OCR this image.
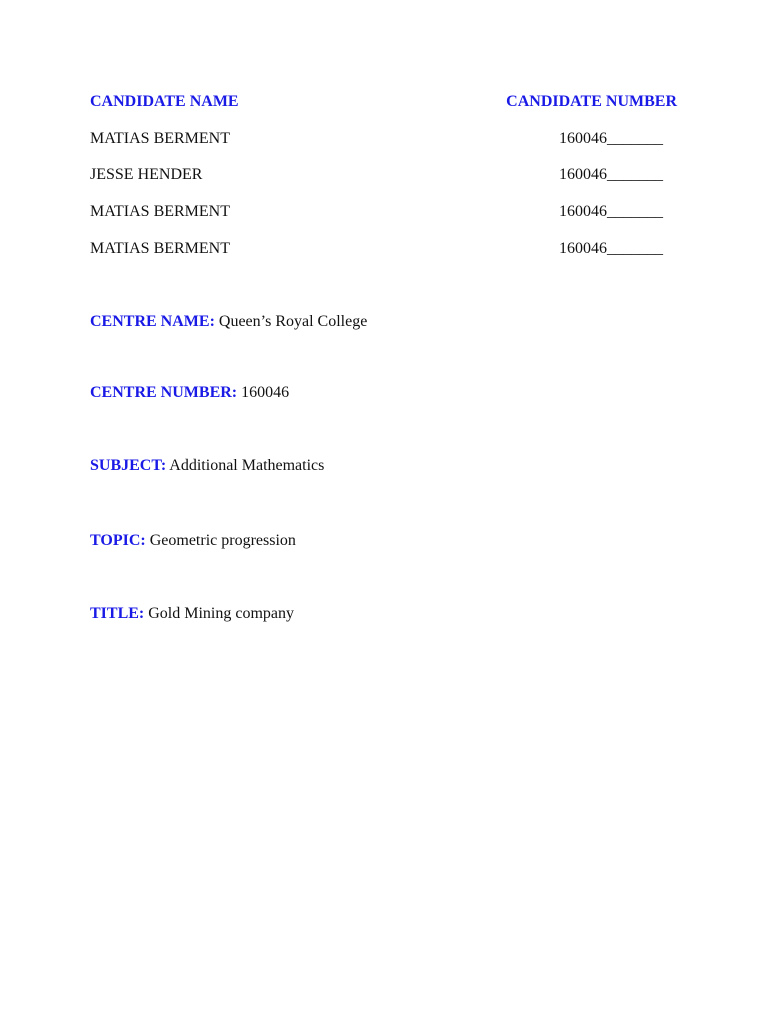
CANDIDATE NAME	CANDIDATE NUMBER
MATIAS BERMENT	160046_______
JESSE HENDER	160046_______
MATIAS BERMENT	160046_______
MATIAS BERMENT	160046_______
CENTRE NAME: Queen’s Royal College
CENTRE NUMBER: 160046
SUBJECT: Additional Mathematics
TOPIC: Geometric progression
TITLE: Gold Mining company
